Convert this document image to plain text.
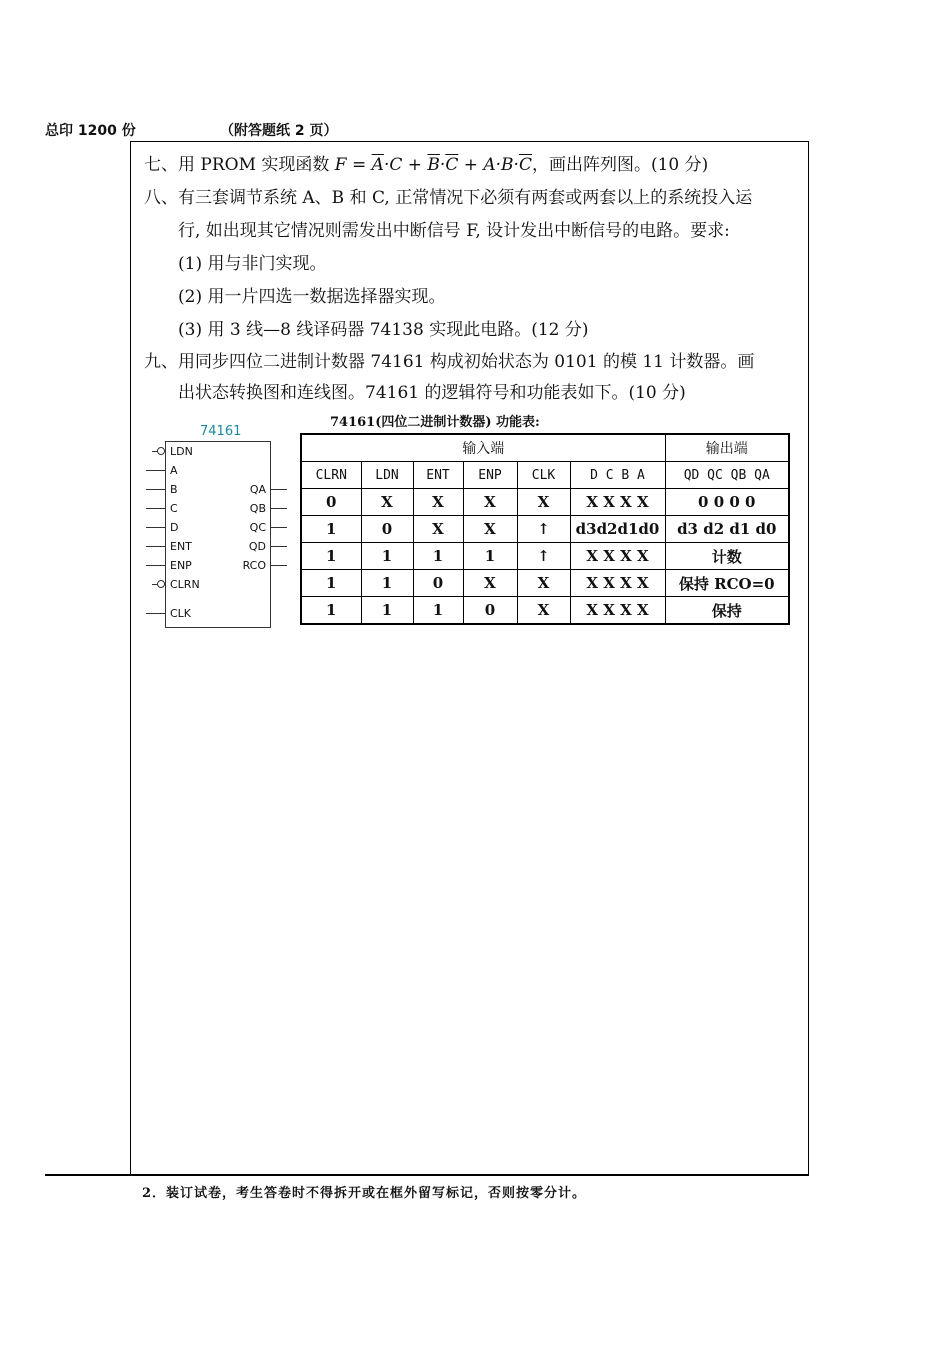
总印 1200 份	（附答题纸 2 页）
七、用 PROM 实现函数 $F = \overline{A}\cdot C + \overline{B}\cdot\overline{C} + A\cdot B\cdot\overline{C}$，画出阵列图。(10 分)
八、有三套调节系统 A、B 和 C, 正常情况下必须有两套或两套以上的系统投入运
行, 如出现其它情况则需发出中断信号 F, 设计发出中断信号的电路。要求:
(1) 用与非门实现。
(2) 用一片四选一数据选择器实现。
(3) 用 3 线—8 线译码器 74138 实现此电路。(12 分)
九、用同步四位二进制计数器 74161 构成初始状态为 0101 的模 11 计数器。画
出状态转换图和连线图。74161 的逻辑符号和功能表如下。(10 分)
74161
LDN
A
B
C
D
ENT
ENP
CLRN
CLK
QA
QB
QC
QD
RCO
74161(四位二进制计数器) 功能表:
输入端						输出端
CLRN	LDN	ENT	ENP	CLK	D C B A	QD QC QB QA
0	X	X	X	X	X X X X	0 0 0 0
1	0	X	X	↑	d3d2d1d0	d3 d2 d1 d0
1	1	1	1	↑	X X X X	计数
1	1	0	X	X	X X X X	保持 RCO=0
1	1	1	0	X	X X X X	保持
2．装订试卷，考生答卷时不得拆开或在框外留写标记，否则按零分计。
